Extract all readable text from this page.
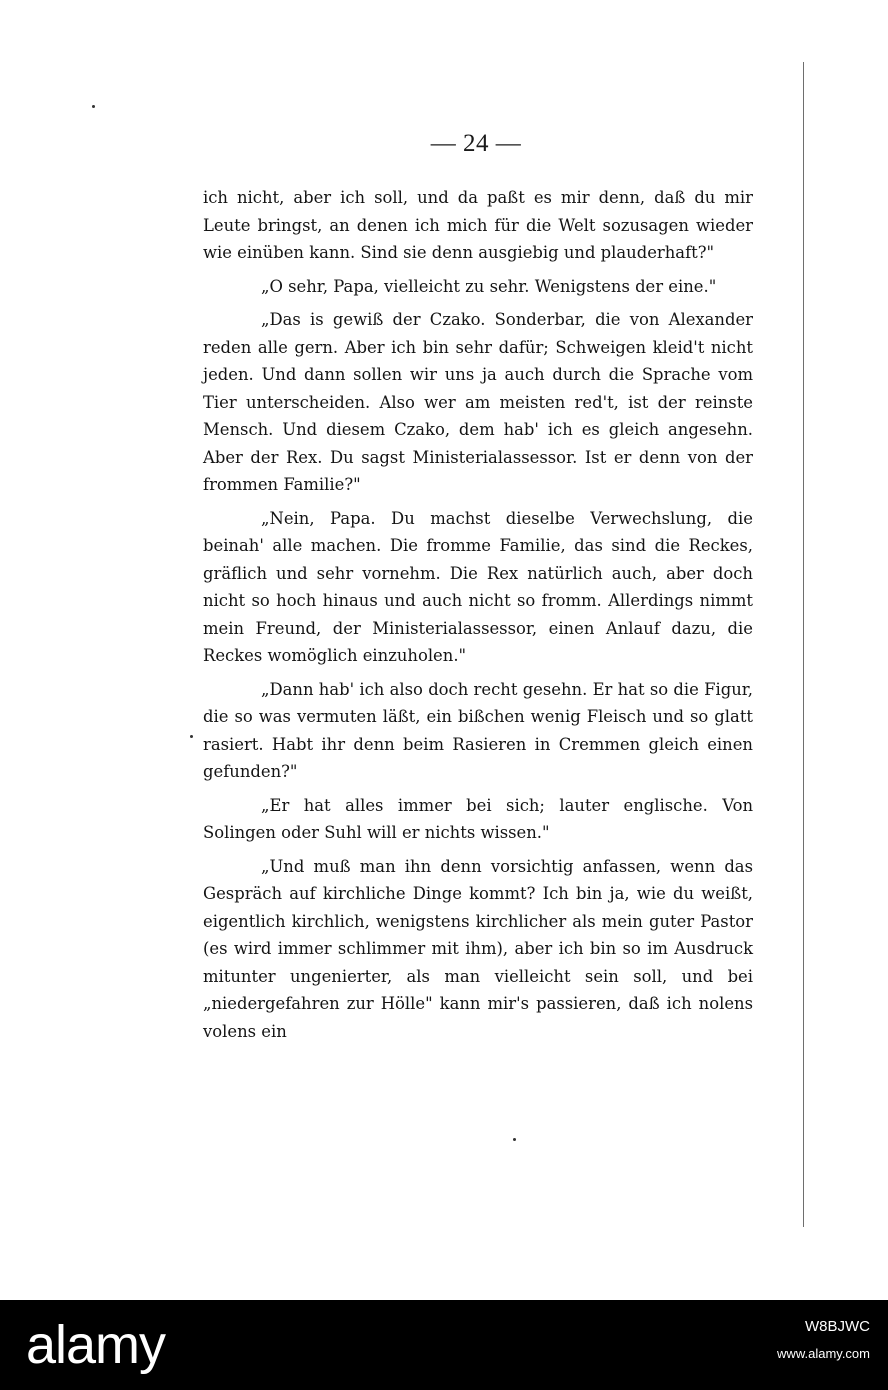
— 24 —

ich nicht, aber ich soll, und da paßt es mir denn, daß du mir Leute bringst, an denen ich mich für die Welt sozusagen wieder wie einüben kann. Sind sie denn ausgiebig und plauderhaft?"

„O sehr, Papa, vielleicht zu sehr. Wenigstens der eine."

„Das is gewiß der Czako. Sonderbar, die von Alexander reden alle gern. Aber ich bin sehr dafür; Schweigen kleid't nicht jeden. Und dann sollen wir uns ja auch durch die Sprache vom Tier unterscheiden. Also wer am meisten red't, ist der reinste Mensch. Und diesem Czako, dem hab' ich es gleich angesehn. Aber der Rex. Du sagst Ministerialassessor. Ist er denn von der frommen Familie?"

„Nein, Papa. Du machst dieselbe Verwechslung, die beinah' alle machen. Die fromme Familie, das sind die Reckes, gräflich und sehr vornehm. Die Rex natürlich auch, aber doch nicht so hoch hinaus und auch nicht so fromm. Allerdings nimmt mein Freund, der Ministerialassessor, einen Anlauf dazu, die Reckes womöglich einzuholen."

„Dann hab' ich also doch recht gesehn. Er hat so die Figur, die so was vermuten läßt, ein bißchen wenig Fleisch und so glatt rasiert. Habt ihr denn beim Rasieren in Cremmen gleich einen gefunden?"

„Er hat alles immer bei sich; lauter englische. Von Solingen oder Suhl will er nichts wissen."

„Und muß man ihn denn vorsichtig anfassen, wenn das Gespräch auf kirchliche Dinge kommt? Ich bin ja, wie du weißt, eigentlich kirchlich, wenigstens kirchlicher als mein guter Pastor (es wird immer schlimmer mit ihm), aber ich bin so im Ausdruck mitunter ungenierter, als man vielleicht sein soll, und bei „niedergefahren zur Hölle" kann mir's passieren, daß ich nolens volens ein

alamy	W8BJWC
www.alamy.com
